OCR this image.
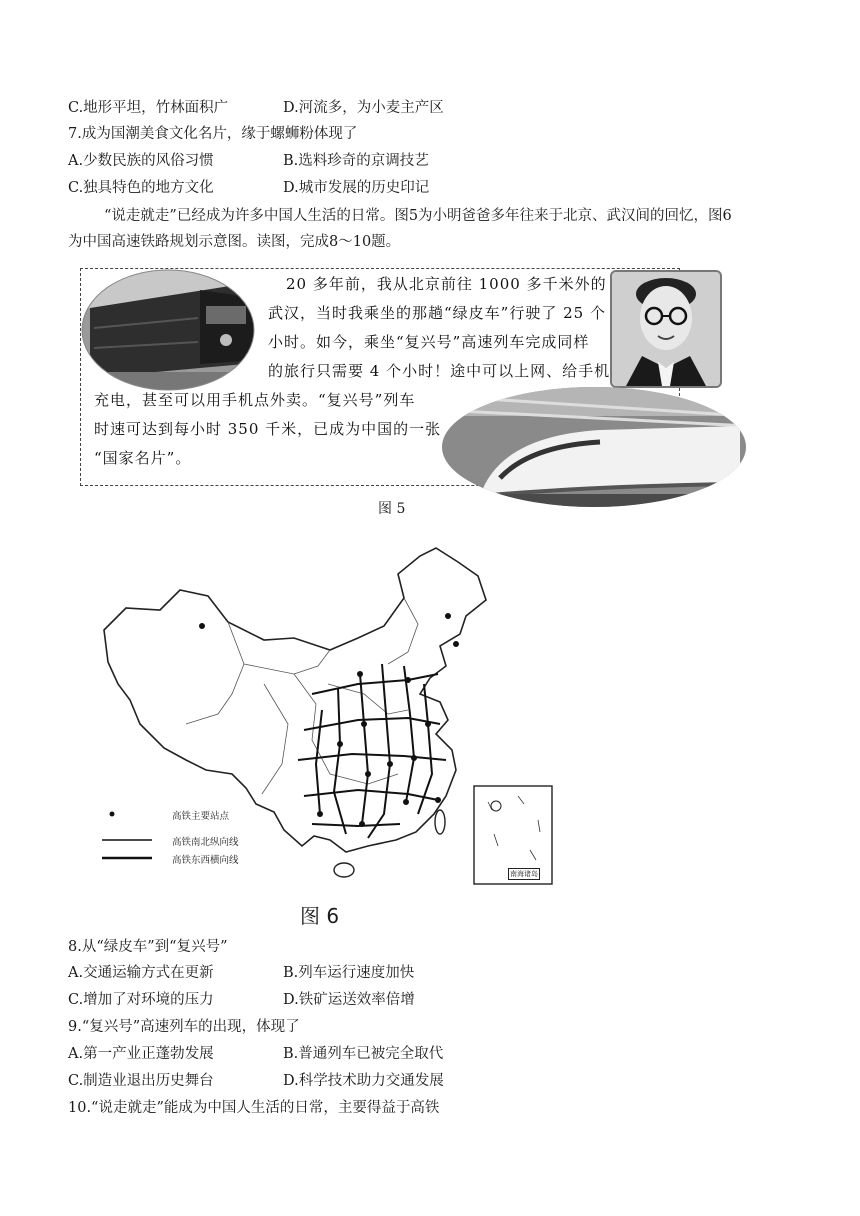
C.地形平坦，竹林面积广	D.河流多，为小麦主产区
7.成为国潮美食文化名片，缘于螺蛳粉体现了
A.少数民族的风俗习惯	B.选料珍奇的京调技艺
C.独具特色的地方文化	D.城市发展的历史印记
“说走就走”已经成为许多中国人生活的日常。图5为小明爸爸多年往来于北京、武汉间的回忆，图6
为中国高速铁路规划示意图。读图，完成8～10题。
20 多年前，我从北京前往 1000 多千米外的
武汉，当时我乘坐的那趟“绿皮车”行驶了 25 个
小时。如今，乘坐“复兴号”高速列车完成同样
的旅行只需要 4 个小时！途中可以上网、给手机
充电，甚至可以用手机点外卖。“复兴号”列车
时速可达到每小时 350 千米，已成为中国的一张
“国家名片”。
图 5
高铁主要站点
高铁南北纵向线
高铁东西横向线
南海诸岛
图 6
8.从“绿皮车”到“复兴号”
A.交通运输方式在更新	B.列车运行速度加快
C.增加了对环境的压力	D.铁矿运送效率倍增
9.“复兴号”高速列车的出现，体现了
A.第一产业正蓬勃发展	B.普通列车已被完全取代
C.制造业退出历史舞台	D.科学技术助力交通发展
10.“说走就走”能成为中国人生活的日常，主要得益于高铁
